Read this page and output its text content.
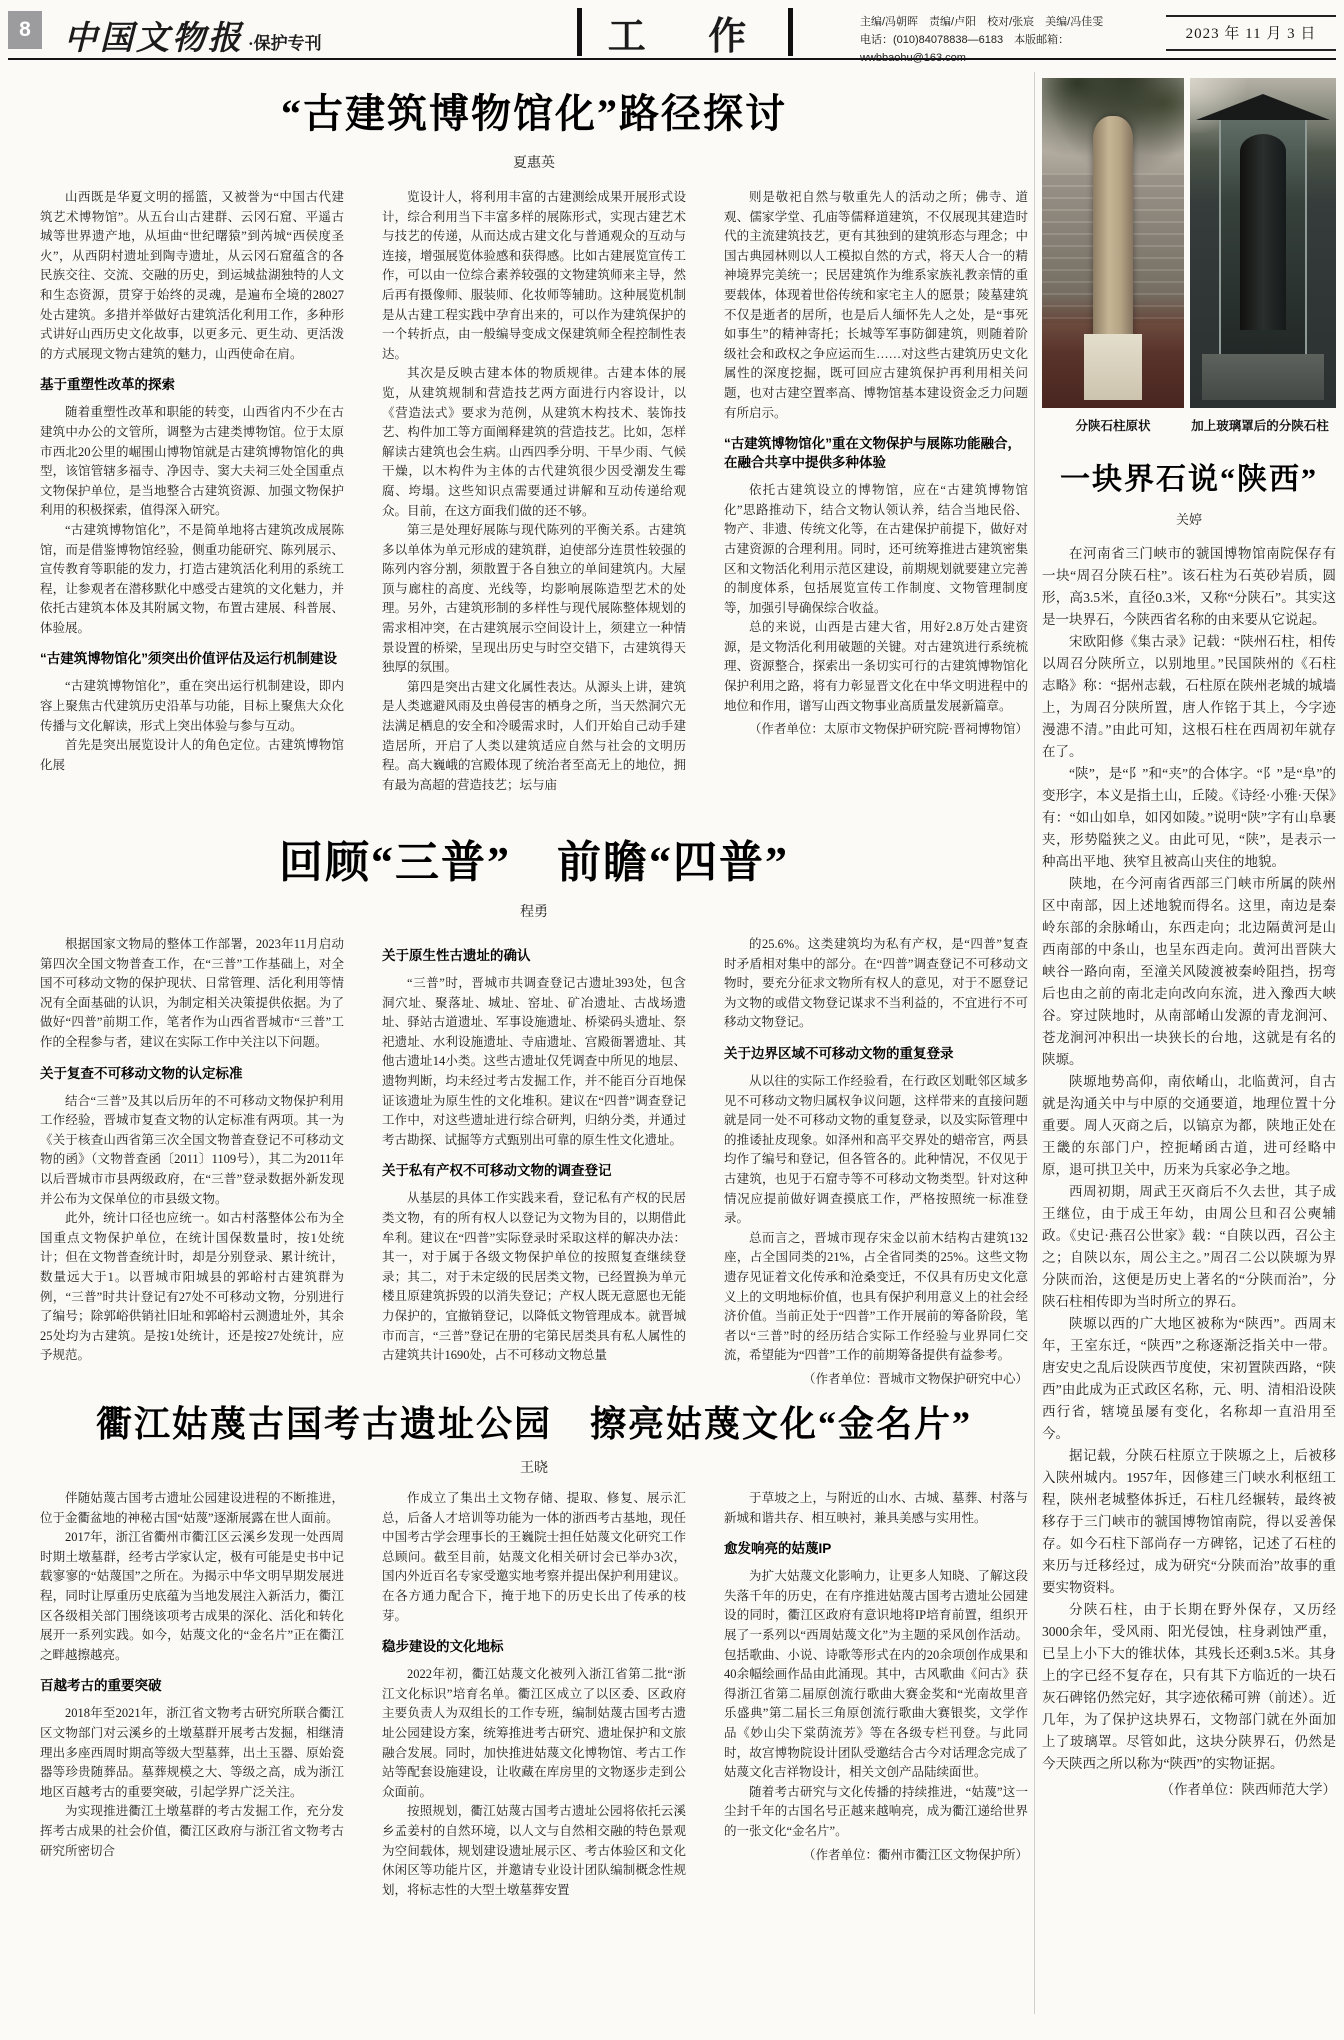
8	中国文物报 ·保护专刊	工 作	主编/冯朝晖　责编/卢阳　校对/张宸　美编/冯佳雯
电话：(010)84078838—6183　本版邮箱：	2023 年 11 月 3 日
“古建筑博物馆化”路径探讨
夏惠英
山西既是华夏文明的摇篮，又被誉为“中国古代建筑艺术博物馆”。从五台山古建群、云冈石窟、平遥古城等世界遗产地，从垣曲“世纪曙猿”到芮城“西侯度圣火”，从西阴村遗址到陶寺遗址，从云冈石窟蕴含的各民族交往、交流、交融的历史，到运城盐湖独特的人文和生态资源，贯穿于始终的灵魂，是遍布全境的28027处古建筑。多措并举做好古建筑活化利用工作，多种形式讲好山西历史文化故事，以更多元、更生动、更活泼的方式展现文物古建筑的魅力，山西使命在肩。
基于重塑性改革的探索
随着重塑性改革和职能的转变，山西省内不少在古建筑中办公的文管所，调整为古建类博物馆。位于太原市西北20公里的崛围山博物馆就是古建筑博物馆化的典型，该馆管辖多福寺、净因寺、窦大夫祠三处全国重点文物保护单位，是当地整合古建筑资源、加强文物保护利用的积极探索，值得深入研究。
“古建筑博物馆化”，不是简单地将古建筑改成展陈馆，而是借鉴博物馆经验，侧重功能研究、陈列展示、宣传教育等职能的发力，打造古建筑活化利用的系统工程，让参观者在潜移默化中感受古建筑的文化魅力，并依托古建筑本体及其附属文物，布置古建展、科普展、体验展。
“古建筑博物馆化”须突出价值评估及运行机制建设
“古建筑博物馆化”，重在突出运行机制建设，即内容上聚焦古代建筑历史沿革与功能，目标上聚焦大众化传播与文化解读，形式上突出体验与参与互动。
首先是突出展览设计人的角色定位。古建筑博物馆化展
览设计人，将利用丰富的古建测绘成果开展形式设计，综合利用当下丰富多样的展陈形式，实现古建艺术与技艺的传递，从而达成古建文化与普通观众的互动与连接，增强展览体验感和获得感。比如古建展览宣传工作，可以由一位综合素养较强的文物建筑师来主导，然后再有摄像师、服装师、化妆师等辅助。这种展览机制是从古建工程实践中孕育出来的，可以作为建筑保护的一个转折点，由一般编导变成文保建筑师全程控制性表达。
其次是反映古建本体的物质规律。古建本体的展览，从建筑规制和营造技艺两方面进行内容设计，以《营造法式》要求为范例，从建筑木构技术、装饰技艺、构件加工等方面阐释建筑的营造技艺。比如，怎样解读古建筑也会生病。山西四季分明、干旱少雨、气候干燥，以木构件为主体的古代建筑很少因受潮发生霉腐、垮塌。这些知识点需要通过讲解和互动传递给观众。目前，在这方面我们做的还不够。
第三是处理好展陈与现代陈列的平衡关系。古建筑多以单体为单元形成的建筑群，迫使部分连贯性较强的陈列内容分割，须散置于各自独立的单间建筑内。大屋顶与廊柱的高度、光线等，均影响展陈造型艺术的处理。另外，古建筑形制的多样性与现代展陈整体规划的需求相冲突，在古建筑展示空间设计上，须建立一种情景设置的桥梁，呈现出历史与时空交错下，古建筑得天独厚的氛围。
第四是突出古建文化属性表达。从源头上讲，建筑是人类遮避风雨及虫兽侵害的栖身之所，当天然洞穴无法满足栖息的安全和冷暖需求时，人们开始自己动手建造居所，开启了人类以建筑适应自然与社会的文明历程。高大巍峨的宫殿体现了统治者至高无上的地位，拥有最为高超的营造技艺；坛与庙
则是敬祀自然与敬重先人的活动之所；佛寺、道观、儒家学堂、孔庙等儒释道建筑，不仅展现其建造时代的主流建筑技艺，更有其独到的建筑形态与理念；中国古典园林则以人工模拟自然的方式，将天人合一的精神境界完美统一；民居建筑作为维系家族礼教亲情的重要载体，体现着世俗传统和家宅主人的愿景；陵墓建筑不仅是逝者的居所，也是后人缅怀先人之处，是“事死如事生”的精神寄托；长城等军事防御建筑，则随着阶级社会和政权之争应运而生……对这些古建筑历史文化属性的深度挖掘，既可回应古建筑保护再利用相关问题，也对古建空置率高、博物馆基本建设资金乏力问题有所启示。
“古建筑博物馆化”重在文物保护与展陈功能融合，在融合共享中提供多种体验
依托古建筑设立的博物馆，应在“古建筑博物馆化”思路推动下，结合文物认领认养，结合当地民俗、物产、非遗、传统文化等，在古建保护前提下，做好对古建资源的合理利用。同时，还可统筹推进古建筑密集区和文物活化利用示范区建设，前期规划就要建立完善的制度体系，包括展览宣传工作制度、文物管理制度等，加强引导确保综合收益。
总的来说，山西是古建大省，用好2.8万处古建资源，是文物活化利用破题的关键。对古建筑进行系统梳理、资源整合，探索出一条切实可行的古建筑博物馆化保护利用之路，将有力彰显晋文化在中华文明进程中的地位和作用，谱写山西文物事业高质量发展新篇章。
（作者单位：太原市文物保护研究院·晋祠博物馆）
回顾“三普”　前瞻“四普”
程勇
根据国家文物局的整体工作部署，2023年11月启动第四次全国文物普查工作，在“三普”工作基础上，对全国不可移动文物的保护现状、日常管理、活化利用等情况有全面基础的认识，为制定相关决策提供依据。为了做好“四普”前期工作，笔者作为山西省晋城市“三普”工作的全程参与者，建议在实际工作中关注以下问题。
关于复查不可移动文物的认定标准
结合“三普”及其以后历年的不可移动文物保护利用工作经验，晋城市复查文物的认定标准有两项。其一为《关于核查山西省第三次全国文物普查登记不可移动文物的函》（文物普查函〔2011〕1109号），其二为2011年以后晋城市市县两级政府，在“三普”登录数据外新发现并公布为文保单位的市县级文物。
此外，统计口径也应统一。如古村落整体公布为全国重点文物保护单位，在统计国保数量时，按1处统计；但在文物普查统计时，却是分别登录、累计统计，数量远大于1。以晋城市阳城县的郭峪村古建筑群为例，“三普”时共计登记有27处不可移动文物，分别进行了编号；除郭峪供销社旧址和郭峪村云测遗址外，其余25处均为古建筑。是按1处统计，还是按27处统计，应予规范。
关于原生性古遗址的确认
“三普”时，晋城市共调查登记古遗址393处，包含洞穴址、聚落址、城址、窑址、矿冶遗址、古战场遗址、驿站古道遗址、军事设施遗址、桥梁码头遗址、祭祀遗址、水利设施遗址、寺庙遗址、宫殿衙署遗址、其他古遗址14小类。这些古遗址仅凭调查中所见的地层、遗物判断，均未经过考古发掘工作，并不能百分百地保证该遗址为原生性的文化堆积。建议在“四普”调查登记工作中，对这些遗址进行综合研判，归纳分类，并通过考古勘探、试掘等方式甄别出可靠的原生性文化遗址。
关于私有产权不可移动文物的调查登记
从基层的具体工作实践来看，登记私有产权的民居类文物，有的所有权人以登记为文物为目的，以期借此牟利。建议在“四普”实际登录时采取这样的解决办法：其一，对于属于各级文物保护单位的按照复查继续登录；其二，对于未定级的民居类文物，已经置换为单元楼且原建筑拆毁的以消失登记；产权人既无意愿也无能力保护的，宜撤销登记，以降低文物管理成本。就晋城市而言，“三普”登记在册的宅第民居类具有私人属性的古建筑共计1690处，占不可移动文物总量
的25.6%。这类建筑均为私有产权，是“四普”复查时矛盾相对集中的部分。在“四普”调查登记不可移动文物时，要充分征求文物所有权人的意见，对于不愿登记为文物的或借文物登记谋求不当利益的，不宜进行不可移动文物登记。
关于边界区域不可移动文物的重复登录
从以往的实际工作经验看，在行政区划毗邻区域多见不可移动文物归属权争议问题，这样带来的直接问题就是同一处不可移动文物的重复登录，以及实际管理中的推诿扯皮现象。如泽州和高平交界处的蜡帝宫，两县均作了编号和登记，但各管各的。此种情况，不仅见于古建筑，也见于石窟寺等不可移动文物类型。针对这种情况应提前做好调查摸底工作，严格按照统一标准登录。
总而言之，晋城市现存宋金以前木结构古建筑132座，占全国同类的21%，占全省同类的25%。这些文物遗存见证着文化传承和沧桑变迁，不仅具有历史文化意义上的文明地标价值，也具有保护利用意义上的社会经济价值。当前正处于“四普”工作开展前的筹备阶段，笔者以“三普”时的经历结合实际工作经验与业界同仁交流，希望能为“四普”工作的前期筹备提供有益参考。
（作者单位：晋城市文物保护研究中心）
衢江姑蔑古国考古遗址公园　擦亮姑蔑文化“金名片”
王晓
伴随姑蔑古国考古遗址公园建设进程的不断推进，位于金衢盆地的神秘古国“姑蔑”逐渐展露在世人面前。
2017年，浙江省衢州市衢江区云溪乡发现一处西周时期土墩墓群，经考古学家认定，极有可能是史书中记载寥寥的“姑蔑国”之所在。为揭示中华文明早期发展进程，同时让厚重历史底蕴为当地发展注入新活力，衢江区各级相关部门围绕该项考古成果的深化、活化和转化展开一系列实践。如今，姑蔑文化的“金名片”正在衢江之畔越擦越亮。
百越考古的重要突破
2018年至2021年，浙江省文物考古研究所联合衢江区文物部门对云溪乡的土墩墓群开展考古发掘，相继清理出多座西周时期高等级大型墓葬，出土玉器、原始瓷器等珍贵随葬品。墓葬规模之大、等级之高，成为浙江地区百越考古的重要突破，引起学界广泛关注。
为实现推进衢江土墩墓群的考古发掘工作，充分发挥考古成果的社会价值，衢江区政府与浙江省文物考古研究所密切合
作成立了集出土文物存储、提取、修复、展示汇总，后备人才培训等功能为一体的浙西考古基地，现任中国考古学会理事长的王巍院士担任姑蔑文化研究工作总顾问。截至目前，姑蔑文化相关研讨会已举办3次，国内外近百名专家受邀实地考察并提出保护利用建议。在各方通力配合下，掩于地下的历史长出了传承的枝芽。
稳步建设的文化地标
2022年初，衢江姑蔑文化被列入浙江省第二批“浙江文化标识”培育名单。衢江区成立了以区委、区政府主要负责人为双组长的工作专班，编制姑蔑古国考古遗址公园建设方案，统筹推进考古研究、遗址保护和文旅融合发展。同时，加快推进姑蔑文化博物馆、考古工作站等配套设施建设，让收藏在库房里的文物逐步走到公众面前。
按照规划，衢江姑蔑古国考古遗址公园将依托云溪乡孟姜村的自然环境，以人文与自然相交融的特色景观为空间载体，规划建设遗址展示区、考古体验区和文化休闲区等功能片区，并邀请专业设计团队编制概念性规划，将标志性的大型土墩墓葬安置
于草坡之上，与附近的山水、古城、墓葬、村落与新城和谐共存、相互映衬，兼具美感与实用性。
愈发响亮的姑蔑IP
为扩大姑蔑文化影响力，让更多人知晓、了解这段失落千年的历史，在有序推进姑蔑古国考古遗址公园建设的同时，衢江区政府有意识地将IP培育前置，组织开展了一系列以“西周姑蔑文化”为主题的采风创作活动。包括歌曲、小说、诗歌等形式在内的20余项创作成果和40余幅绘画作品由此涌现。其中，古风歌曲《问古》获得浙江省第二届原创流行歌曲大赛金奖和“光南故里音乐盛典”第二届长三角原创流行歌曲大赛银奖，文学作品《妙山尖下棠荫流芳》等在各级专栏刊登。与此同时，故宫博物院设计团队受邀结合古今对话理念完成了姑蔑文化吉祥物设计，相关文创产品陆续面世。
随着考古研究与文化传播的持续推进，“姑蔑”这一尘封千年的古国名号正越来越响亮，成为衢江递给世界的一张文化“金名片”。
（作者单位：衢州市衢江区文物保护所）
分陕石柱原状	加上玻璃罩后的分陕石柱
一块界石说“陕西”
关婷
在河南省三门峡市的虢国博物馆南院保存有一块“周召分陕石柱”。该石柱为石英砂岩质，圆形，高3.5米，直径0.3米，又称“分陕石”。其实这是一块界石，今陕西省名称的由来要从它说起。
宋欧阳修《集古录》记载：“陕州石柱，相传以周召分陕所立，以别地里。”民国陕州的《石柱志略》称：“据州志载，石柱原在陕州老城的城墙上，为周召分陕所置，唐人作铭于其上，今字迹漫漶不清。”由此可知，这根石柱在西周初年就存在了。
“陕”，是“阝”和“夹”的合体字。“阝”是“阜”的变形字，本义是指土山，丘陵。《诗经·小雅·天保》有：“如山如阜，如冈如陵。”说明“陕”字有山阜裹夹，形势隘狭之义。由此可见，“陕”，是表示一种高出平地、狭窄且被高山夹住的地貌。
陕地，在今河南省西部三门峡市所属的陕州区中南部，因上述地貌而得名。这里，南边是秦岭东部的余脉崤山，东西走向；北边隔黄河是山西南部的中条山，也呈东西走向。黄河出晋陕大峡谷一路向南，至潼关风陵渡被秦岭阻挡，拐弯后也由之前的南北走向改向东流，进入豫西大峡谷。穿过陕地时，从南部崤山发源的青龙涧河、苍龙涧河冲积出一块狭长的台地，这就是有名的陕塬。
陕塬地势高仰，南依崤山，北临黄河，自古就是沟通关中与中原的交通要道，地理位置十分重要。周人灭商之后，以镐京为都，陕地正处在王畿的东部门户，控扼崤函古道，进可经略中原，退可拱卫关中，历来为兵家必争之地。
西周初期，周武王灭商后不久去世，其子成王继位，由于成王年幼，由周公旦和召公奭辅政。《史记·燕召公世家》载：“自陕以西，召公主之；自陕以东，周公主之。”周召二公以陕塬为界分陕而治，这便是历史上著名的“分陕而治”，分陕石柱相传即为当时所立的界石。
陕塬以西的广大地区被称为“陕西”。西周末年，王室东迁，“陕西”之称逐渐泛指关中一带。唐安史之乱后设陕西节度使，宋初置陕西路，“陕西”由此成为正式政区名称，元、明、清相沿设陕西行省，辖境虽屡有变化，名称却一直沿用至今。
据记载，分陕石柱原立于陕塬之上，后被移入陕州城内。1957年，因修建三门峡水利枢纽工程，陕州老城整体拆迁，石柱几经辗转，最终被移存于三门峡市的虢国博物馆南院，得以妥善保存。如今石柱下部尚存一方碑铭，记述了石柱的来历与迁移经过，成为研究“分陕而治”故事的重要实物资料。
分陕石柱，由于长期在野外保存，又历经3000余年，受风雨、阳光侵蚀，柱身剥蚀严重，已呈上小下大的锥状体，其残长还剩3.5米。其身上的字已经不复存在，只有其下方临近的一块石灰石碑铭仍然完好，其字迹依稀可辨（前述）。近几年，为了保护这块界石，文物部门就在外面加上了玻璃罩。尽管如此，这块分陕界石，仍然是今天陕西之所以称为“陕西”的实物证据。
（作者单位：陕西师范大学）
